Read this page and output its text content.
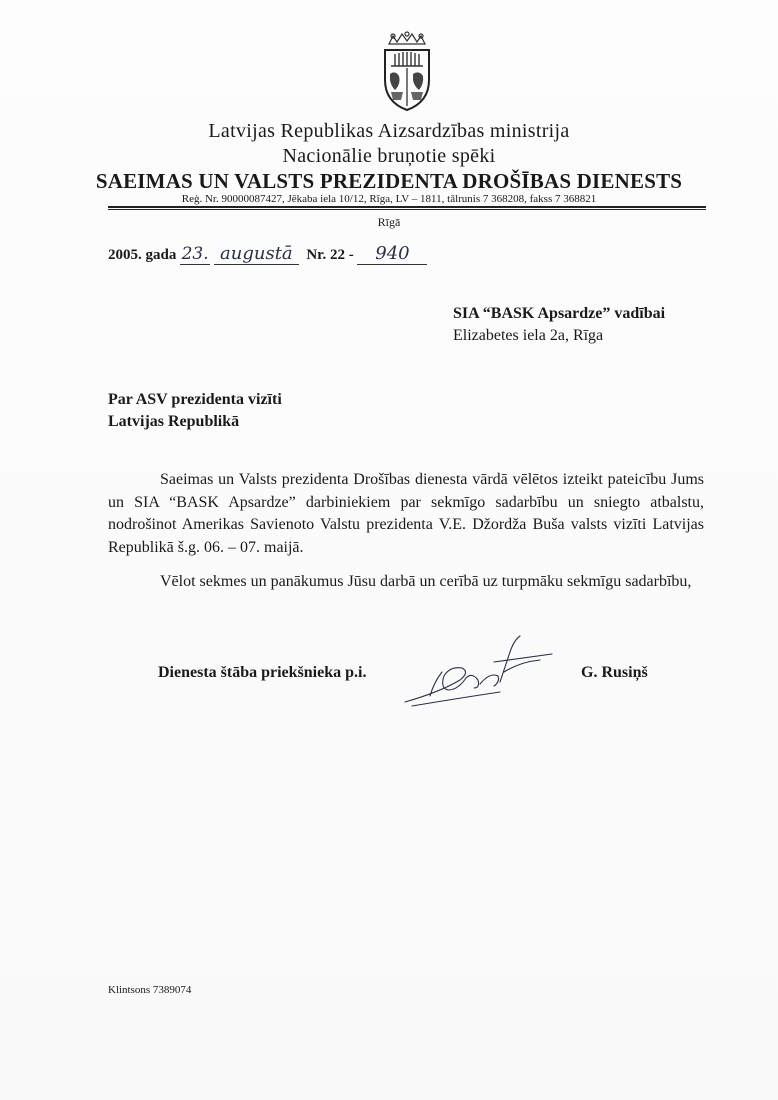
Latvijas Republikas Aizsardzības ministrija
Nacionālie bruņotie spēki
SAEIMAS UN VALSTS PREZIDENTA DROŠĪBAS DIENESTS
Reģ. Nr. 90000087427, Jēkaba iela 10/12, Rīga, LV – 1811, tālrunis 7 368208, fakss 7 368821
Rīgā
2005. gada 23. augustā Nr. 22 - 940
SIA “BASK Apsardze” vadībai
Elizabetes iela 2a, Rīga
Par ASV prezidenta vizīti
Latvijas Republikā

Saeimas un Valsts prezidenta Drošības dienesta vārdā vēlētos izteikt pateicību Jums un SIA “BASK Apsardze” darbiniekiem par sekmīgo sadarbību un sniegto atbalstu, nodrošinot Amerikas Savienoto Valstu prezidenta V.E. Džordža Buša valsts vizīti Latvijas Republikā š.g. 06. – 07. maijā.

Vēlot sekmes un panākumus Jūsu darbā un cerībā uz turpmāku sekmīgu sadarbību,

Dienesta štāba priekšnieka p.i.	G. Rusiņš
Klintsons 7389074
